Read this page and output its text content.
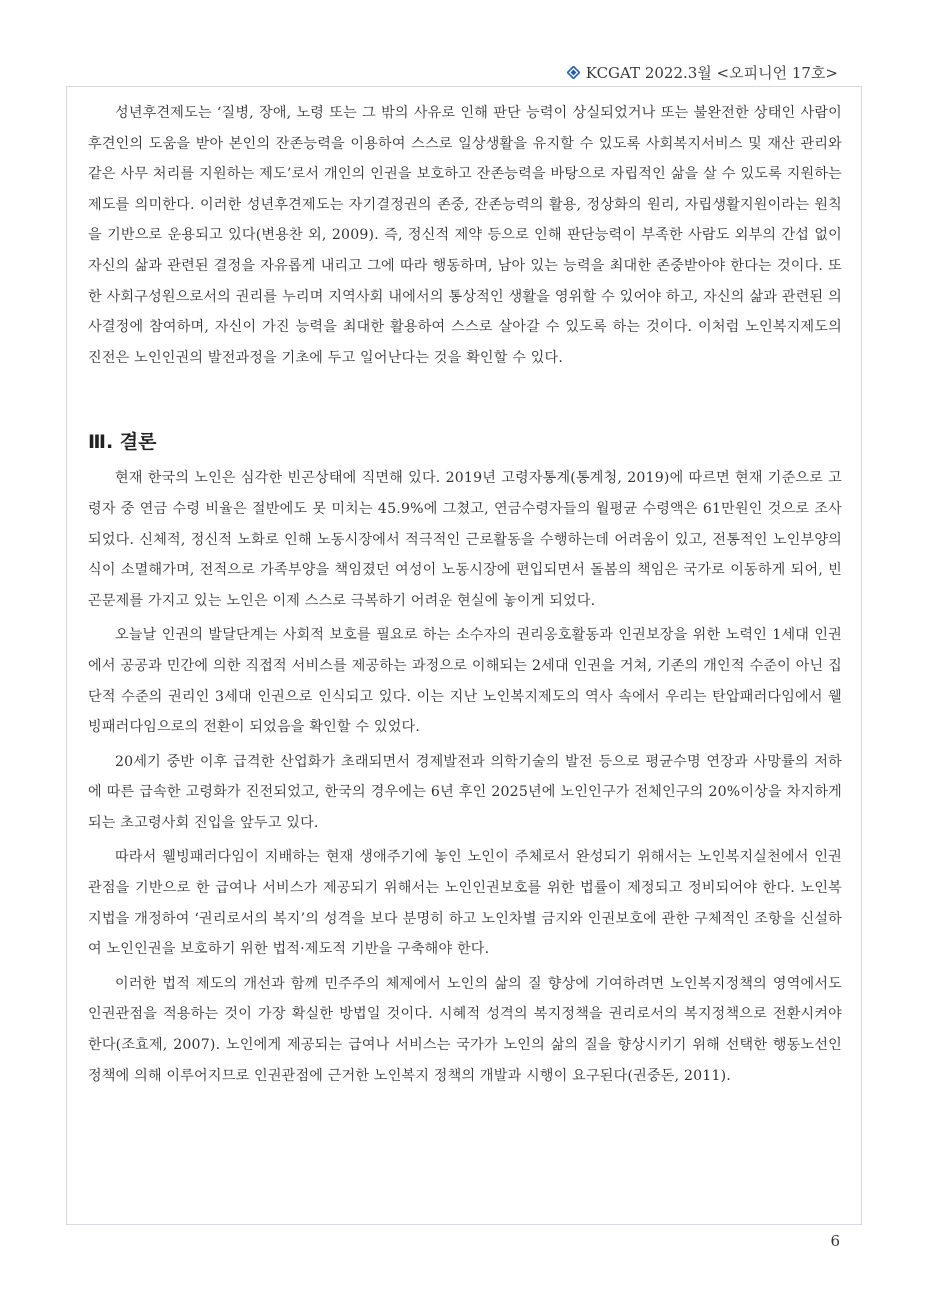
KCGAT 2022.3월 <오피니언 17호>

성년후견제도는 ‘질병, 장애, 노령 또는 그 밖의 사유로 인해 판단 능력이 상실되었거나 또는 불완전한 상태인 사람이 후견인의 도움을 받아 본인의 잔존능력을 이용하여 스스로 일상생활을 유지할 수 있도록 사회복지서비스 및 재산 관리와 같은 사무 처리를 지원하는 제도’로서 개인의 인권을 보호하고 잔존능력을 바탕으로 자립적인 삶을 살 수 있도록 지원하는 제도를 의미한다. 이러한 성년후견제도는 자기결정권의 존중, 잔존능력의 활용, 정상화의 원리, 자립생활지원이라는 원칙을 기반으로 운용되고 있다(변용찬 외, 2009). 즉, 정신적 제약 등으로 인해 판단능력이 부족한 사람도 외부의 간섭 없이 자신의 삶과 관련된 결정을 자유롭게 내리고 그에 따라 행동하며, 남아 있는 능력을 최대한 존중받아야 한다는 것이다. 또한 사회구성원으로서의 권리를 누리며 지역사회 내에서의 통상적인 생활을 영위할 수 있어야 하고, 자신의 삶과 관련된 의사결정에 참여하며, 자신이 가진 능력을 최대한 활용하여 스스로 살아갈 수 있도록 하는 것이다. 이처럼 노인복지제도의 진전은 노인인권의 발전과정을 기초에 두고 일어난다는 것을 확인할 수 있다.

Ⅲ. 결론

현재 한국의 노인은 심각한 빈곤상태에 직면해 있다. 2019년 고령자통계(통계청, 2019)에 따르면 현재 기준으로 고령자 중 연금 수령 비율은 절반에도 못 미치는 45.9%에 그쳤고, 연금수령자들의 월평균 수령액은 61만원인 것으로 조사되었다. 신체적, 정신적 노화로 인해 노동시장에서 적극적인 근로활동을 수행하는데 어려움이 있고, 전통적인 노인부양의식이 소멸해가며, 전적으로 가족부양을 책임졌던 여성이 노동시장에 편입되면서 돌봄의 책임은 국가로 이동하게 되어, 빈곤문제를 가지고 있는 노인은 이제 스스로 극복하기 어려운 현실에 놓이게 되었다.

오늘날 인권의 발달단계는 사회적 보호를 필요로 하는 소수자의 권리옹호활동과 인권보장을 위한 노력인 1세대 인권에서 공공과 민간에 의한 직접적 서비스를 제공하는 과정으로 이해되는 2세대 인권을 거쳐, 기존의 개인적 수준이 아닌 집단적 수준의 권리인 3세대 인권으로 인식되고 있다. 이는 지난 노인복지제도의 역사 속에서 우리는 탄압패러다임에서 웰빙패러다임으로의 전환이 되었음을 확인할 수 있었다.

20세기 중반 이후 급격한 산업화가 초래되면서 경제발전과 의학기술의 발전 등으로 평균수명 연장과 사망률의 저하에 따른 급속한 고령화가 진전되었고, 한국의 경우에는 6년 후인 2025년에 노인인구가 전체인구의 20%이상을 차지하게 되는 초고령사회 진입을 앞두고 있다.

따라서 웰빙패러다임이 지배하는 현재 생애주기에 놓인 노인이 주체로서 완성되기 위해서는 노인복지실천에서 인권관점을 기반으로 한 급여나 서비스가 제공되기 위해서는 노인인권보호를 위한 법률이 제정되고 정비되어야 한다. 노인복지법을 개정하여 ‘권리로서의 복지’의 성격을 보다 분명히 하고 노인차별 금지와 인권보호에 관한 구체적인 조항을 신설하여 노인인권을 보호하기 위한 법적·제도적 기반을 구축해야 한다.

이러한 법적 제도의 개선과 함께 민주주의 체제에서 노인의 삶의 질 향상에 기여하려면 노인복지정책의 영역에서도 인권관점을 적용하는 것이 가장 확실한 방법일 것이다. 시혜적 성격의 복지정책을 권리로서의 복지정책으로 전환시켜야 한다(조효제, 2007). 노인에게 제공되는 급여나 서비스는 국가가 노인의 삶의 질을 향상시키기 위해 선택한 행동노선인 정책에 의해 이루어지므로 인권관점에 근거한 노인복지 정책의 개발과 시행이 요구된다(권중돈, 2011).

6
